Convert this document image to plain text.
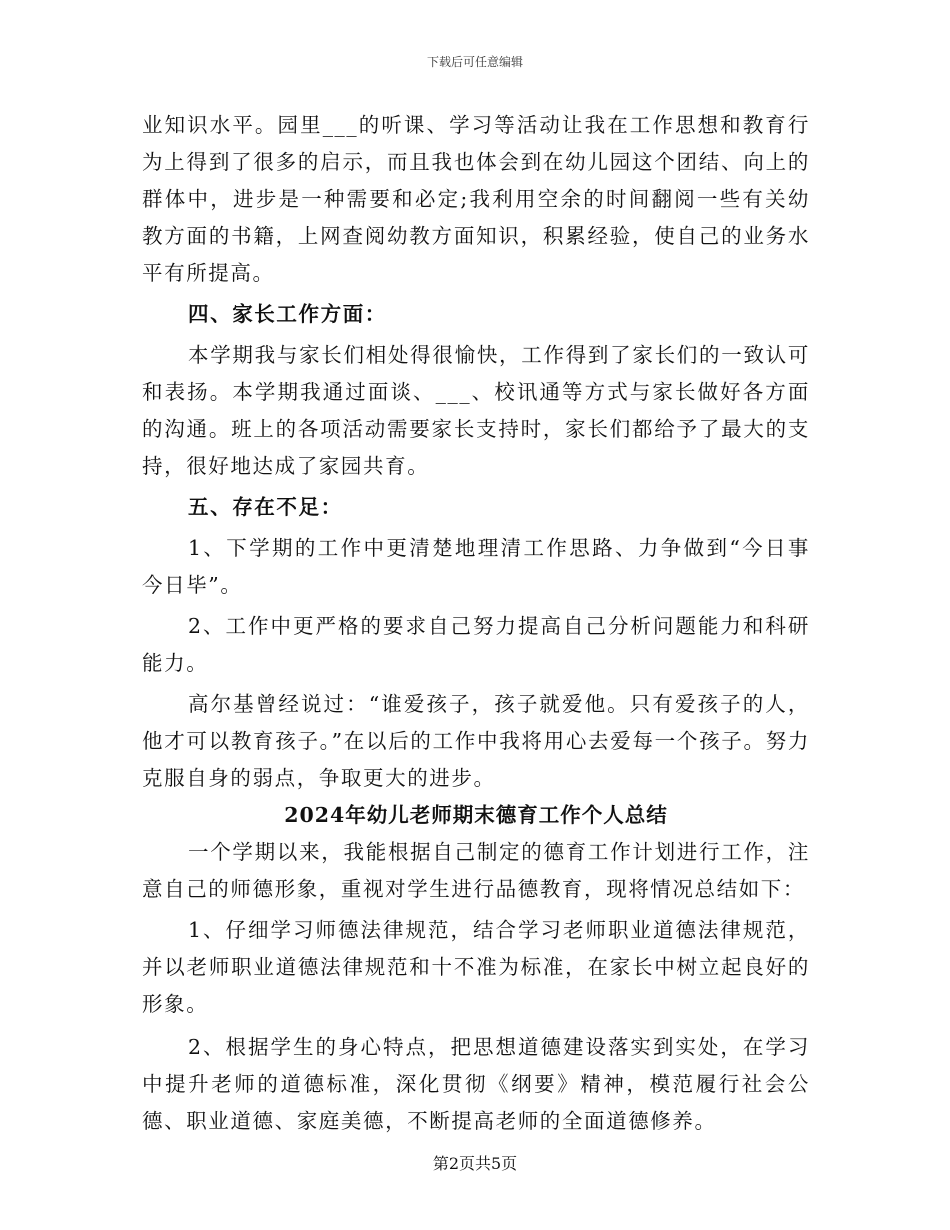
下载后可任意编辑

业知识水平。园里___的听课、学习等活动让我在工作思想和教育行为上得到了很多的启示，而且我也体会到在幼儿园这个团结、向上的群体中，进步是一种需要和必定;我利用空余的时间翻阅一些有关幼教方面的书籍，上网查阅幼教方面知识，积累经验，使自己的业务水平有所提高。

四、家长工作方面：

本学期我与家长们相处得很愉快，工作得到了家长们的一致认可和表扬。本学期我通过面谈、___、校讯通等方式与家长做好各方面的沟通。班上的各项活动需要家长支持时，家长们都给予了最大的支持，很好地达成了家园共育。

五、存在不足：

1、下学期的工作中更清楚地理清工作思路、力争做到“今日事今日毕”。

2、工作中更严格的要求自己努力提高自己分析问题能力和科研能力。

高尔基曾经说过：“谁爱孩子，孩子就爱他。只有爱孩子的人，他才可以教育孩子。”在以后的工作中我将用心去爱每一个孩子。努力克服自身的弱点，争取更大的进步。

2024年幼儿老师期末德育工作个人总结

一个学期以来，我能根据自己制定的德育工作计划进行工作，注意自己的师德形象，重视对学生进行品德教育，现将情况总结如下：

1、仔细学习师德法律规范，结合学习老师职业道德法律规范，并以老师职业道德法律规范和十不准为标准，在家长中树立起良好的形象。

2、根据学生的身心特点，把思想道德建设落实到实处，在学习中提升老师的道德标准，深化贯彻《纲要》精神，模范履行社会公德、职业道德、家庭美德，不断提高老师的全面道德修养。

第2页共5页
